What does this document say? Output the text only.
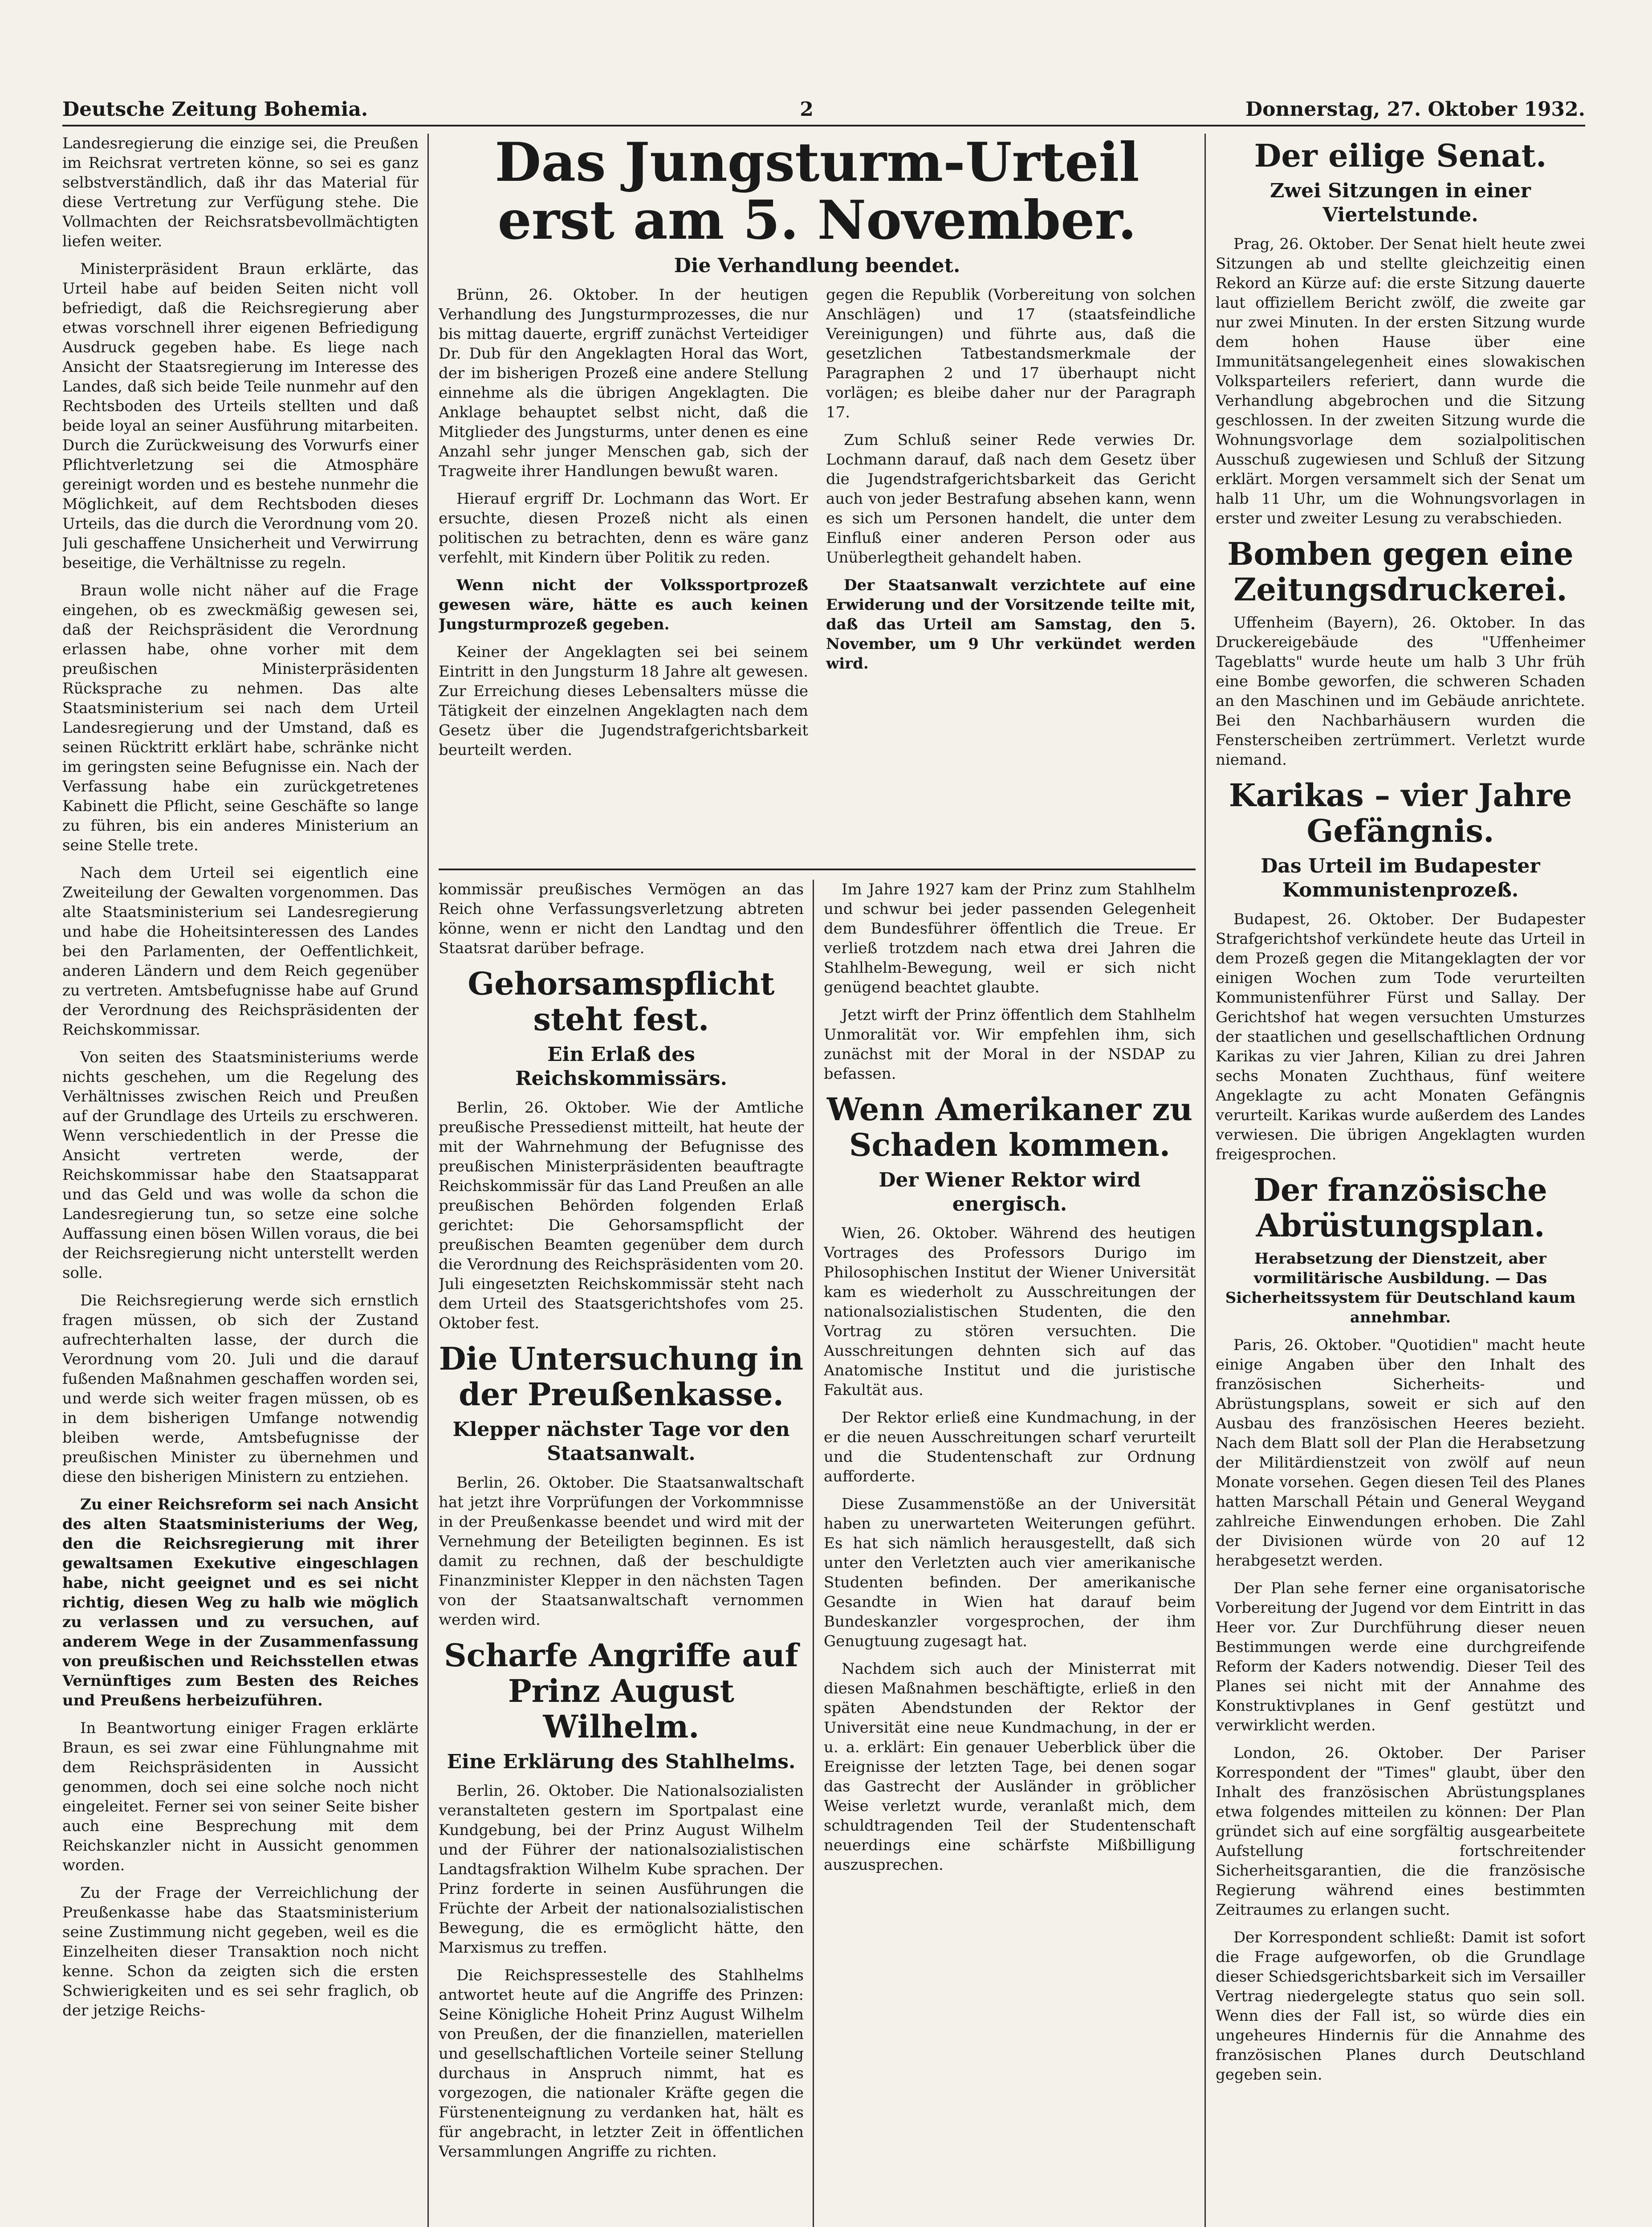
Deutsche Zeitung Bohemia.	2	Donnerstag, 27. Oktober 1932.

Landesregierung die einzige sei, die Preußen im Reichsrat vertreten könne, so sei es ganz selbstverständlich, daß ihr das Material für diese Vertretung zur Verfügung stehe. Die Vollmachten der Reichsratsbevollmächtigten liefen weiter.

Ministerpräsident Braun erklärte, das Urteil habe auf beiden Seiten nicht voll befriedigt, daß die Reichsregierung aber etwas vorschnell ihrer eigenen Befriedigung Ausdruck gegeben habe. Es liege nach Ansicht der Staatsregierung im Interesse des Landes, daß sich beide Teile nunmehr auf den Rechtsboden des Urteils stellten und daß beide loyal an seiner Ausführung mitarbeiten. Durch die Zurückweisung des Vorwurfs einer Pflichtverletzung sei die Atmosphäre gereinigt worden und es bestehe nunmehr die Möglichkeit, auf dem Rechtsboden dieses Urteils, das die durch die Verordnung vom 20. Juli geschaffene Unsicherheit und Verwirrung beseitige, die Verhältnisse zu regeln.

Braun wolle nicht näher auf die Frage eingehen, ob es zweckmäßig gewesen sei, daß der Reichspräsident die Verordnung erlassen habe, ohne vorher mit dem preußischen Ministerpräsidenten Rücksprache zu nehmen. Das alte Staatsministerium sei nach dem Urteil Landesregierung und der Umstand, daß es seinen Rücktritt erklärt habe, schränke nicht im geringsten seine Befugnisse ein. Nach der Verfassung habe ein zurückgetretenes Kabinett die Pflicht, seine Geschäfte so lange zu führen, bis ein anderes Ministerium an seine Stelle trete.

Nach dem Urteil sei eigentlich eine Zweiteilung der Gewalten vorgenommen. Das alte Staatsministerium sei Landesregierung und habe die Hoheitsinteressen des Landes bei den Parlamenten, der Oeffentlichkeit, anderen Ländern und dem Reich gegenüber zu vertreten. Amtsbefugnisse habe auf Grund der Verordnung des Reichspräsidenten der Reichskommissar.

Von seiten des Staatsministeriums werde nichts geschehen, um die Regelung des Verhältnisses zwischen Reich und Preußen auf der Grundlage des Urteils zu erschweren. Wenn verschiedentlich in der Presse die Ansicht vertreten werde, der Reichskommissar habe den Staatsapparat und das Geld und was wolle da schon die Landesregierung tun, so setze eine solche Auffassung einen bösen Willen voraus, die bei der Reichsregierung nicht unterstellt werden solle.

Die Reichsregierung werde sich ernstlich fragen müssen, ob sich der Zustand aufrechterhalten lasse, der durch die Verordnung vom 20. Juli und die darauf fußenden Maßnahmen geschaffen worden sei, und werde sich weiter fragen müssen, ob es in dem bisherigen Umfange notwendig bleiben werde, Amtsbefugnisse der preußischen Minister zu übernehmen und diese den bisherigen Ministern zu entziehen.

Zu einer Reichsreform sei nach Ansicht des alten Staatsministeriums der Weg, den die Reichsregierung mit ihrer gewaltsamen Exekutive eingeschlagen habe, nicht geeignet und es sei nicht richtig, diesen Weg zu halb wie möglich zu verlassen und zu versuchen, auf anderem Wege in der Zusammenfassung von preußischen und Reichsstellen etwas Vernünftiges zum Besten des Reiches und Preußens herbeizuführen.

In Beantwortung einiger Fragen erklärte Braun, es sei zwar eine Fühlungnahme mit dem Reichspräsidenten in Aussicht genommen, doch sei eine solche noch nicht eingeleitet. Ferner sei von seiner Seite bisher auch eine Besprechung mit dem Reichskanzler nicht in Aussicht genommen worden.

Zu der Frage der Verreichlichung der Preußenkasse habe das Staatsministerium seine Zustimmung nicht gegeben, weil es die Einzelheiten dieser Transaktion noch nicht kenne. Schon da zeigten sich die ersten Schwierigkeiten und es sei sehr fraglich, ob der jetzige Reichs-

Das Jungsturm-Urteil erst am 5. November.
Die Verhandlung beendet.

Brünn, 26. Oktober. In der heutigen Verhandlung des Jungsturmprozesses, die nur bis mittag dauerte, ergriff zunächst Verteidiger Dr. Dub für den Angeklagten Horal das Wort, der im bisherigen Prozeß eine andere Stellung einnehme als die übrigen Angeklagten. Die Anklage behauptet selbst nicht, daß die Mitglieder des Jungsturms, unter denen es eine Anzahl sehr junger Menschen gab, sich der Tragweite ihrer Handlungen bewußt waren.

Hierauf ergriff Dr. Lochmann das Wort. Er ersuchte, diesen Prozeß nicht als einen politischen zu betrachten, denn es wäre ganz verfehlt, mit Kindern über Politik zu reden.

Wenn nicht der Volkssportprozeß gewesen wäre, hätte es auch keinen Jungsturmprozeß gegeben.

Keiner der Angeklagten sei bei seinem Eintritt in den Jungsturm 18 Jahre alt gewesen. Zur Erreichung dieses Lebensalters müsse die Tätigkeit der einzelnen Angeklagten nach dem Gesetz über die Jugendstrafgerichtsbarkeit beurteilt werden.

gegen die Republik (Vorbereitung von solchen Anschlägen) und 17 (staatsfeindliche Vereinigungen) und führte aus, daß die gesetzlichen Tatbestandsmerkmale der Paragraphen 2 und 17 überhaupt nicht vorlägen; es bleibe daher nur der Paragraph 17.

Zum Schluß seiner Rede verwies Dr. Lochmann darauf, daß nach dem Gesetz über die Jugendstrafgerichtsbarkeit das Gericht auch von jeder Bestrafung absehen kann, wenn es sich um Personen handelt, die unter dem Einfluß einer anderen Person oder aus Unüberlegtheit gehandelt haben.

Der Staatsanwalt verzichtete auf eine Erwiderung und der Vorsitzende teilte mit, daß das Urteil am Samstag, den 5. November, um 9 Uhr verkündet werden wird.

kommissär preußisches Vermögen an das Reich ohne Verfassungsverletzung abtreten könne, wenn er nicht den Landtag und den Staatsrat darüber befrage.

Gehorsamspflicht steht fest.
Ein Erlaß des Reichskommissärs.

Berlin, 26. Oktober. Wie der Amtliche preußische Pressedienst mitteilt, hat heute der mit der Wahrnehmung der Befugnisse des preußischen Ministerpräsidenten beauftragte Reichskommissär für das Land Preußen an alle preußischen Behörden folgenden Erlaß gerichtet: Die Gehorsamspflicht der preußischen Beamten gegenüber dem durch die Verordnung des Reichspräsidenten vom 20. Juli eingesetzten Reichskommissär steht nach dem Urteil des Staatsgerichtshofes vom 25. Oktober fest.

Die Untersuchung in der Preußenkasse.
Klepper nächster Tage vor den Staatsanwalt.

Berlin, 26. Oktober. Die Staatsanwaltschaft hat jetzt ihre Vorprüfungen der Vorkommnisse in der Preußenkasse beendet und wird mit der Vernehmung der Beteiligten beginnen. Es ist damit zu rechnen, daß der beschuldigte Finanzminister Klepper in den nächsten Tagen von der Staatsanwaltschaft vernommen werden wird.

Scharfe Angriffe auf Prinz August Wilhelm.
Eine Erklärung des Stahlhelms.

Berlin, 26. Oktober. Die Nationalsozialisten veranstalteten gestern im Sportpalast eine Kundgebung, bei der Prinz August Wilhelm und der Führer der nationalsozialistischen Landtagsfraktion Wilhelm Kube sprachen. Der Prinz forderte in seinen Ausführungen die Früchte der Arbeit der nationalsozialistischen Bewegung, die es ermöglicht hätte, den Marxismus zu treffen.

Die Reichspressestelle des Stahlhelms antwortet heute auf die Angriffe des Prinzen: Seine Königliche Hoheit Prinz August Wilhelm von Preußen, der die finanziellen, materiellen und gesellschaftlichen Vorteile seiner Stellung durchaus in Anspruch nimmt, hat es vorgezogen, die nationaler Kräfte gegen die Fürstenenteignung zu verdanken hat, hält es für angebracht, in letzter Zeit in öffentlichen Versammlungen Angriffe zu richten.

Im Jahre 1927 kam der Prinz zum Stahlhelm und schwur bei jeder passenden Gelegenheit dem Bundesführer öffentlich die Treue. Er verließ trotzdem nach etwa drei Jahren die Stahlhelm-Bewegung, weil er sich nicht genügend beachtet glaubte.

Jetzt wirft der Prinz öffentlich dem Stahlhelm Unmoralität vor. Wir empfehlen ihm, sich zunächst mit der Moral in der NSDAP zu befassen.

Wenn Amerikaner zu Schaden kommen.
Der Wiener Rektor wird energisch.

Wien, 26. Oktober. Während des heutigen Vortrages des Professors Durigo im Philosophischen Institut der Wiener Universität kam es wiederholt zu Ausschreitungen der nationalsozialistischen Studenten, die den Vortrag zu stören versuchten. Die Ausschreitungen dehnten sich auf das Anatomische Institut und die juristische Fakultät aus.

Der Rektor erließ eine Kundmachung, in der er die neuen Ausschreitungen scharf verurteilt und die Studentenschaft zur Ordnung aufforderte.

Diese Zusammenstöße an der Universität haben zu unerwarteten Weiterungen geführt. Es hat sich nämlich herausgestellt, daß sich unter den Verletzten auch vier amerikanische Studenten befinden. Der amerikanische Gesandte in Wien hat darauf beim Bundeskanzler vorgesprochen, der ihm Genugtuung zugesagt hat.

Nachdem sich auch der Ministerrat mit diesen Maßnahmen beschäftigte, erließ in den späten Abendstunden der Rektor der Universität eine neue Kundmachung, in der er u. a. erklärt: Ein genauer Ueberblick über die Ereignisse der letzten Tage, bei denen sogar das Gastrecht der Ausländer in gröblicher Weise verletzt wurde, veranlaßt mich, dem schuldtragenden Teil der Studentenschaft neuerdings eine schärfste Mißbilligung auszusprechen.

Der eilige Senat.
Zwei Sitzungen in einer Viertelstunde.

Prag, 26. Oktober. Der Senat hielt heute zwei Sitzungen ab und stellte gleichzeitig einen Rekord an Kürze auf: die erste Sitzung dauerte laut offiziellem Bericht zwölf, die zweite gar nur zwei Minuten. In der ersten Sitzung wurde dem hohen Hause über eine Immunitätsangelegenheit eines slowakischen Volksparteilers referiert, dann wurde die Verhandlung abgebrochen und die Sitzung geschlossen. In der zweiten Sitzung wurde die Wohnungsvorlage dem sozialpolitischen Ausschuß zugewiesen und Schluß der Sitzung erklärt. Morgen versammelt sich der Senat um halb 11 Uhr, um die Wohnungsvorlagen in erster und zweiter Lesung zu verabschieden.

Bomben gegen eine Zeitungsdruckerei.

Uffenheim (Bayern), 26. Oktober. In das Druckereigebäude des "Uffenheimer Tageblatts" wurde heute um halb 3 Uhr früh eine Bombe geworfen, die schweren Schaden an den Maschinen und im Gebäude anrichtete. Bei den Nachbarhäusern wurden die Fensterscheiben zertrümmert. Verletzt wurde niemand.

Karikas – vier Jahre Gefängnis.
Das Urteil im Budapester Kommunistenprozeß.

Budapest, 26. Oktober. Der Budapester Strafgerichtshof verkündete heute das Urteil in dem Prozeß gegen die Mitangeklagten der vor einigen Wochen zum Tode verurteilten Kommunistenführer Fürst und Sallay. Der Gerichtshof hat wegen versuchten Umsturzes der staatlichen und gesellschaftlichen Ordnung Karikas zu vier Jahren, Kilian zu drei Jahren sechs Monaten Zuchthaus, fünf weitere Angeklagte zu acht Monaten Gefängnis verurteilt. Karikas wurde außerdem des Landes verwiesen. Die übrigen Angeklagten wurden freigesprochen.

Der französische Abrüstungsplan.

Herabsetzung der Dienstzeit, aber vormilitärische Ausbildung. — Das Sicherheitssystem für Deutschland kaum annehmbar.

Paris, 26. Oktober. "Quotidien" macht heute einige Angaben über den Inhalt des französischen Sicherheits- und Abrüstungsplans, soweit er sich auf den Ausbau des französischen Heeres bezieht. Nach dem Blatt soll der Plan die Herabsetzung der Militärdienstzeit von zwölf auf neun Monate vorsehen. Gegen diesen Teil des Planes hatten Marschall Pétain und General Weygand zahlreiche Einwendungen erhoben. Die Zahl der Divisionen würde von 20 auf 12 herabgesetzt werden.

Der Plan sehe ferner eine organisatorische Vorbereitung der Jugend vor dem Eintritt in das Heer vor. Zur Durchführung dieser neuen Bestimmungen werde eine durchgreifende Reform der Kaders notwendig. Dieser Teil des Planes sei nicht mit der Annahme des Konstruktivplanes in Genf gestützt und verwirklicht werden.

London, 26. Oktober. Der Pariser Korrespondent der "Times" glaubt, über den Inhalt des französischen Abrüstungsplanes etwa folgendes mitteilen zu können: Der Plan gründet sich auf eine sorgfältig ausgearbeitete Aufstellung fortschreitender Sicherheitsgarantien, die die französische Regierung während eines bestimmten Zeitraumes zu erlangen sucht.

Der Korrespondent schließt: Damit ist sofort die Frage aufgeworfen, ob die Grundlage dieser Schiedsgerichtsbarkeit sich im Versailler Vertrag niedergelegte status quo sein soll. Wenn dies der Fall ist, so würde dies ein ungeheures Hindernis für die Annahme des französischen Planes durch Deutschland gegeben sein.
